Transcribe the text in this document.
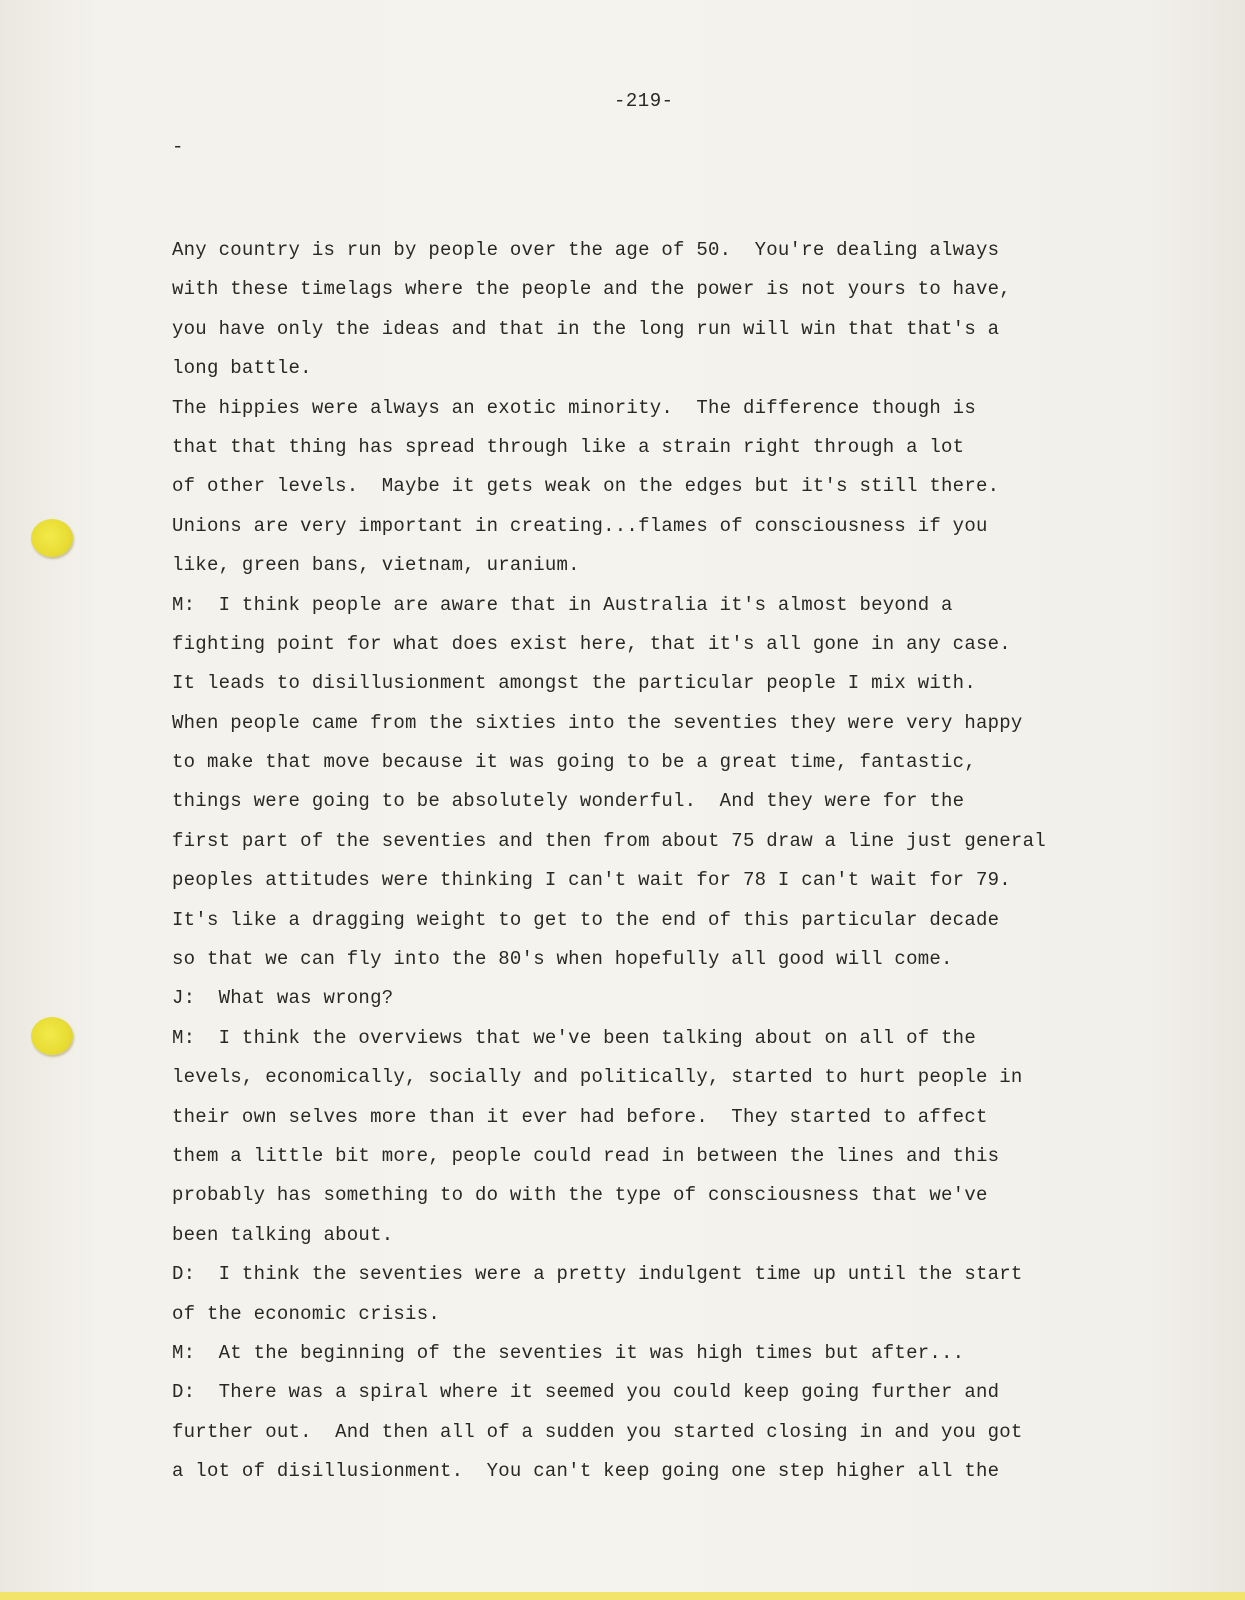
-219-
-
Any country is run by people over the age of 50.  You're dealing always
with these timelags where the people and the power is not yours to have,
you have only the ideas and that in the long run will win that that's a
long battle.
The hippies were always an exotic minority.  The difference though is
that that thing has spread through like a strain right through a lot
of other levels.  Maybe it gets weak on the edges but it's still there.
Unions are very important in creating...flames of consciousness if you
like, green bans, vietnam, uranium.
M:  I think people are aware that in Australia it's almost beyond a
fighting point for what does exist here, that it's all gone in any case.
It leads to disillusionment amongst the particular people I mix with.
When people came from the sixties into the seventies they were very happy
to make that move because it was going to be a great time, fantastic,
things were going to be absolutely wonderful.  And they were for the
first part of the seventies and then from about 75 draw a line just general
peoples attitudes were thinking I can't wait for 78 I can't wait for 79.
It's like a dragging weight to get to the end of this particular decade
so that we can fly into the 80's when hopefully all good will come.
J:  What was wrong?
M:  I think the overviews that we've been talking about on all of the
levels, economically, socially and politically, started to hurt people in
their own selves more than it ever had before.  They started to affect
them a little bit more, people could read in between the lines and this
probably has something to do with the type of consciousness that we've
been talking about.
D:  I think the seventies were a pretty indulgent time up until the start
of the economic crisis.
M:  At the beginning of the seventies it was high times but after...
D:  There was a spiral where it seemed you could keep going further and
further out.  And then all of a sudden you started closing in and you got
a lot of disillusionment.  You can't keep going one step higher all the
